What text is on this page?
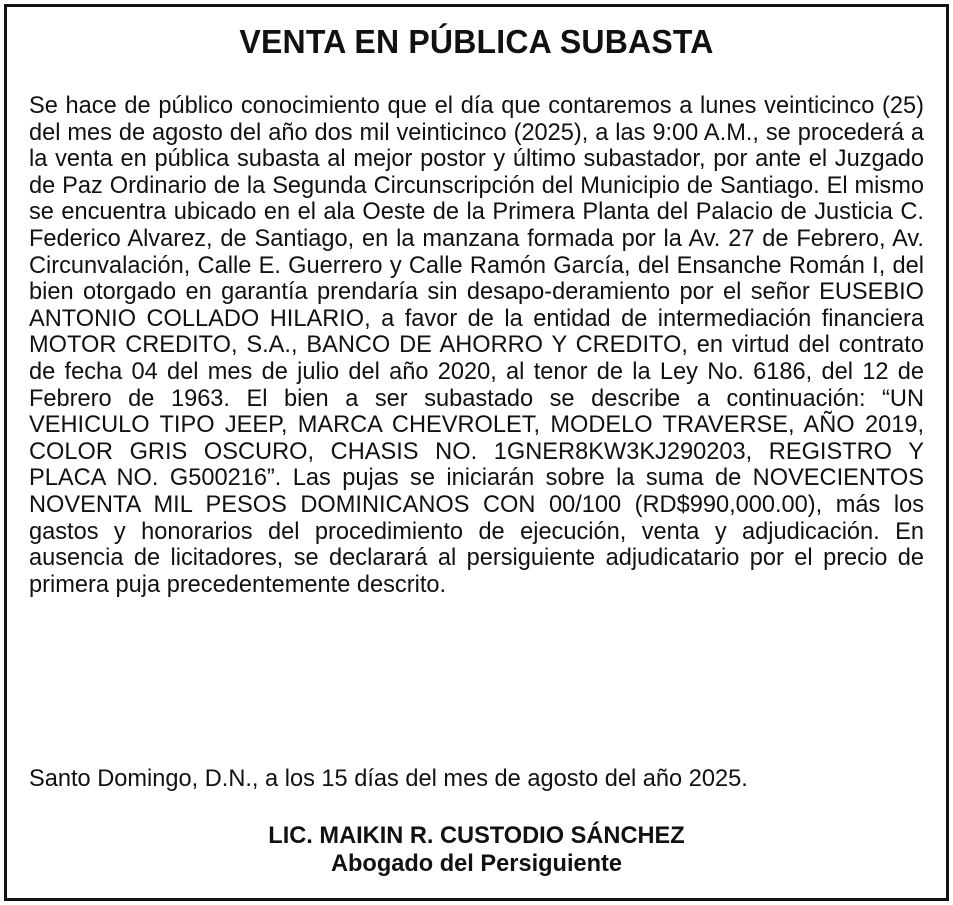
VENTA EN PÚBLICA SUBASTA

Se hace de público conocimiento que el día que contaremos a lunes veinticinco (25) del mes de agosto del año dos mil veinticinco (2025), a las 9:00 A.M., se procederá a la venta en pública subasta al mejor postor y último subastador, por ante el Juzgado de Paz Ordinario de la Segunda Circunscripción del Municipio de Santiago. El mismo se encuentra ubicado en el ala Oeste de la Primera Planta del Palacio de Justicia C. Federico Alvarez, de Santiago, en la manzana formada por la Av. 27 de Febrero, Av. Circunvalación, Calle E. Guerrero y Calle Ramón García, del Ensanche Román I, del bien otorgado en garantía prendaría sin desapo-deramiento por el señor EUSEBIO ANTONIO COLLADO HILARIO, a favor de la entidad de intermediación financiera MOTOR CREDITO, S.A., BANCO DE AHORRO Y CREDITO, en virtud del contrato de fecha 04 del mes de julio del año 2020, al tenor de la Ley No. 6186, del 12 de Febrero de 1963. El bien a ser subastado se describe a continuación: “UN VEHICULO TIPO JEEP, MARCA CHEVROLET, MODELO TRAVERSE, AÑO 2019, COLOR GRIS OSCURO, CHASIS NO. 1GNER8KW3KJ290203, REGISTRO Y PLACA NO. G500216”. Las pujas se iniciarán sobre la suma de NOVECIENTOS NOVENTA MIL PESOS DOMINICANOS CON 00/100 (RD$990,000.00), más los gastos y honorarios del procedimiento de ejecución, venta y adjudicación. En ausencia de licitadores, se declarará al persiguiente adjudicatario por el precio de primera puja precedentemente descrito.

Santo Domingo, D.N., a los 15 días del mes de agosto del año 2025.

LIC. MAIKIN R. CUSTODIO SÁNCHEZ
Abogado del Persiguiente
